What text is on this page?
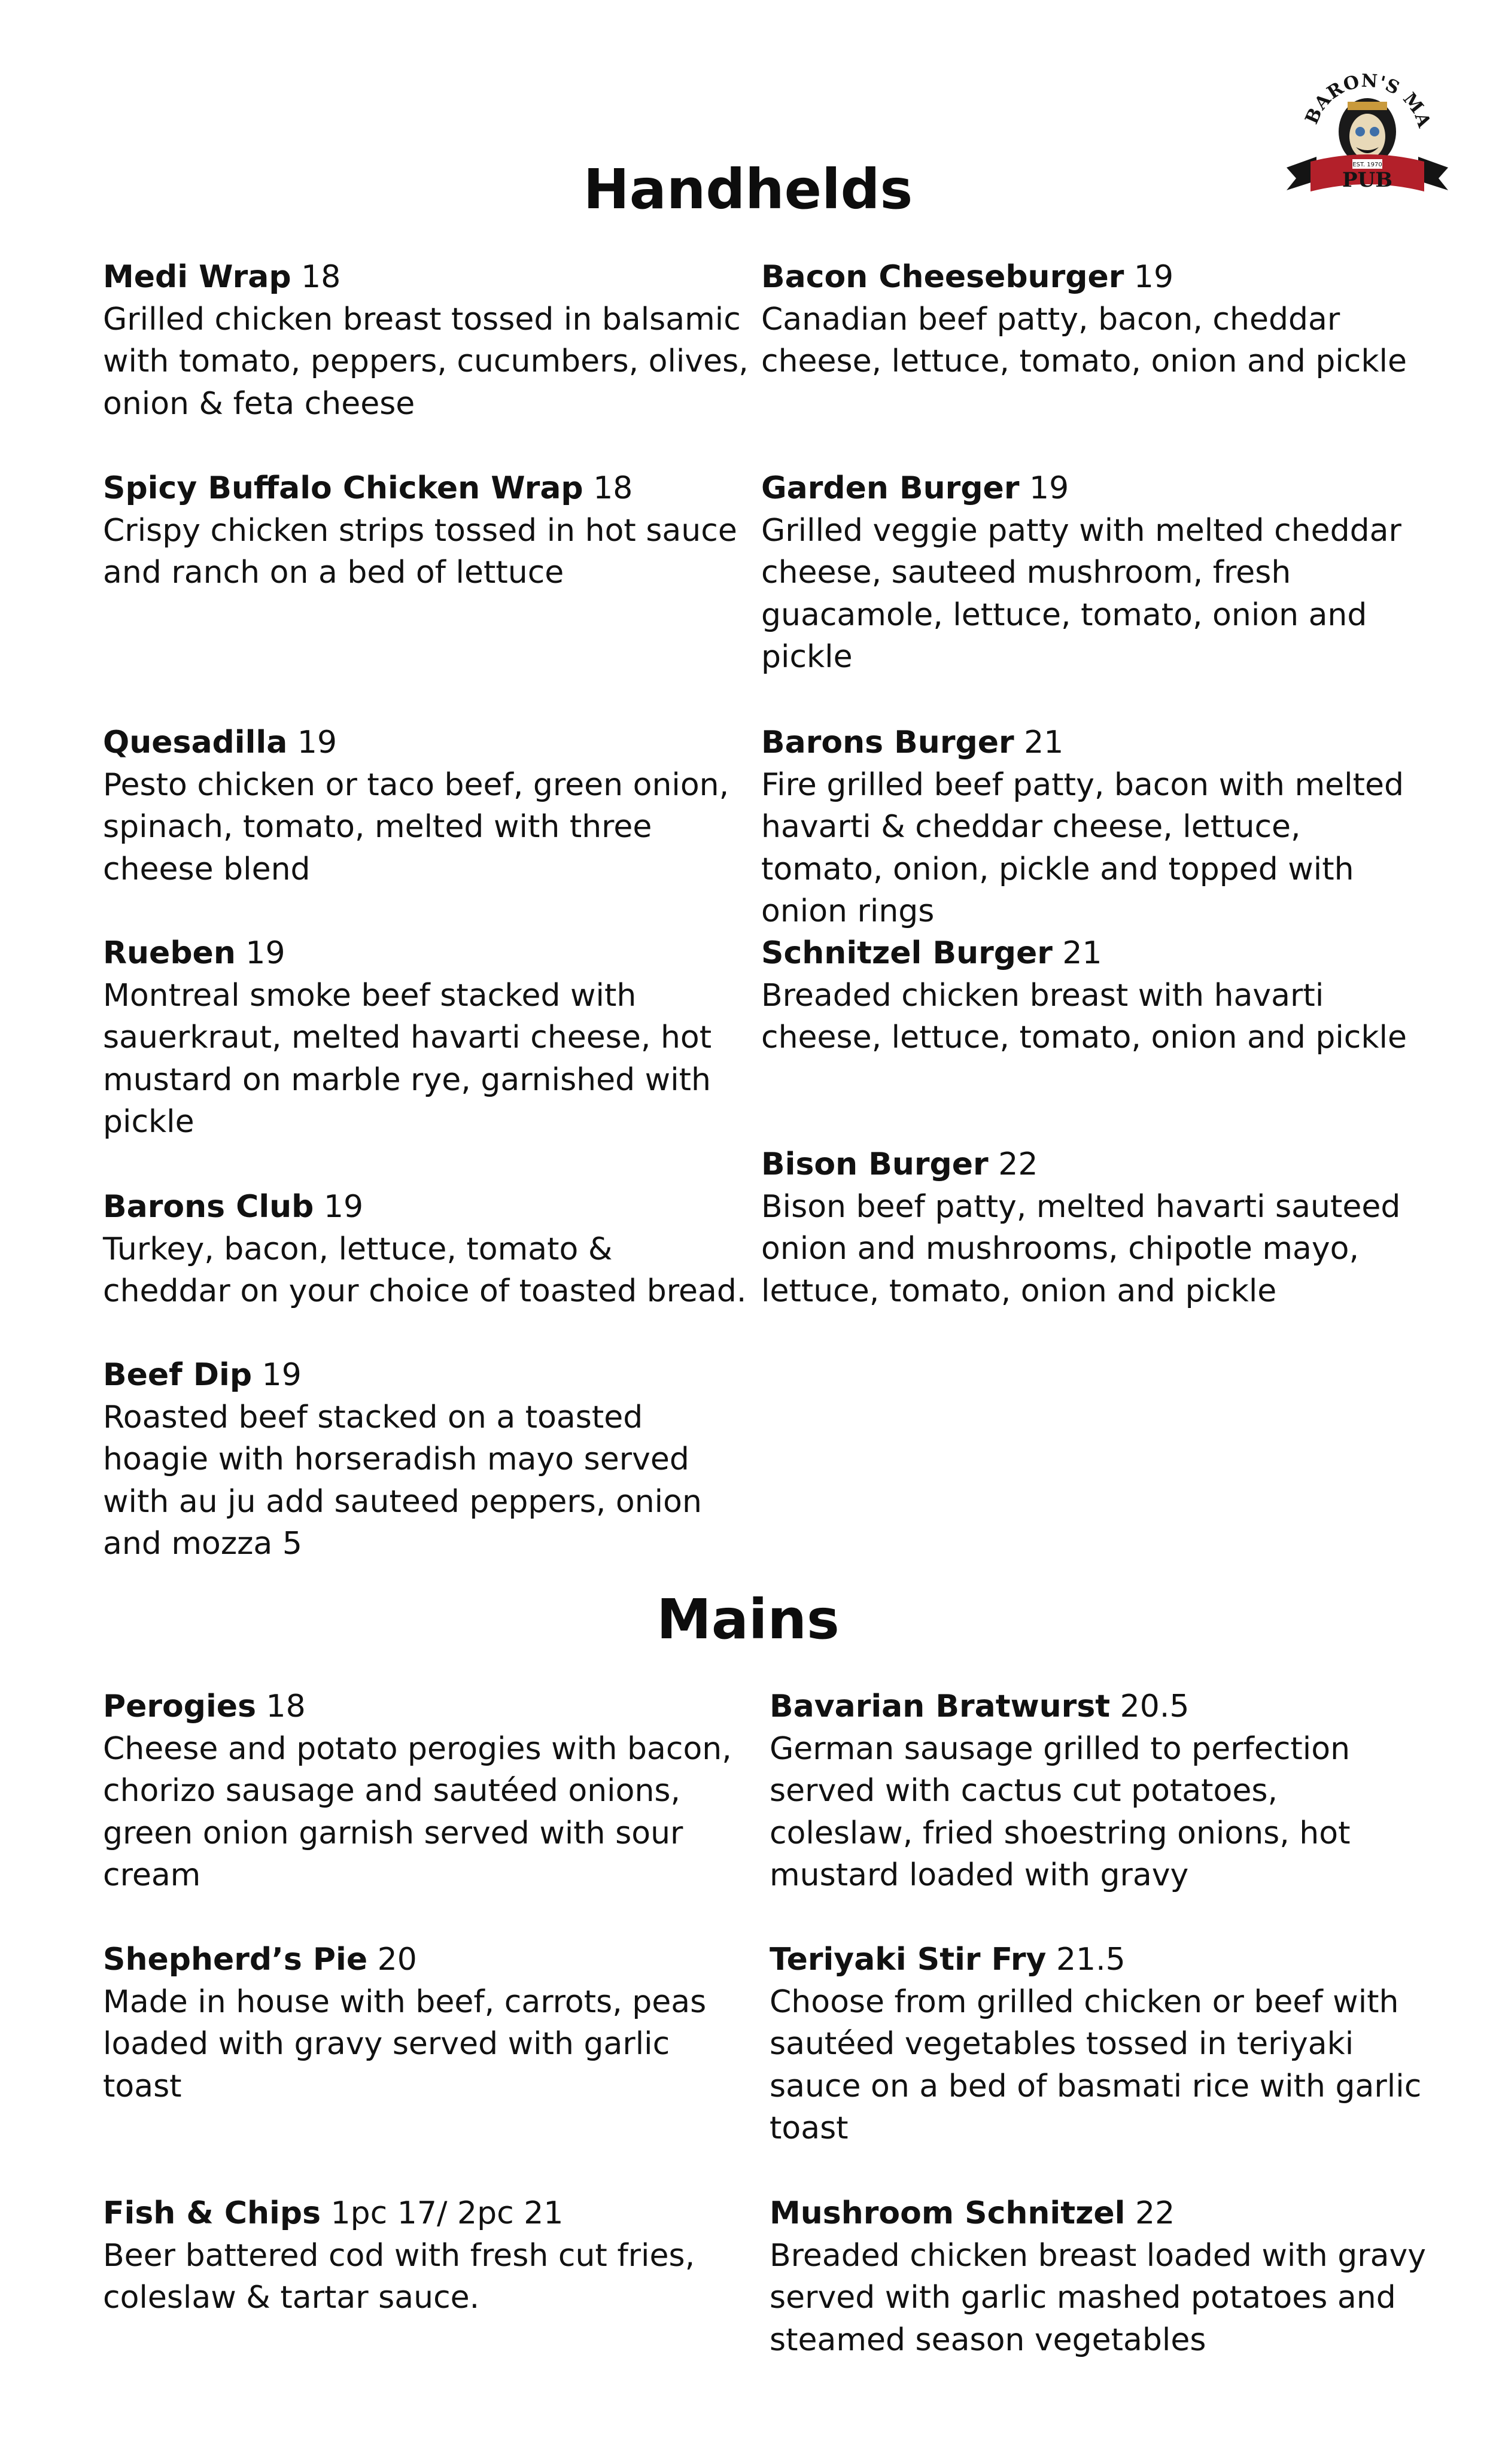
BARON'S MA
EST. 1970
PUB
Handhelds
Medi Wrap 18
Grilled chicken breast tossed in balsamic with tomato, peppers, cucumbers, olives, onion & feta cheese
Spicy Buffalo Chicken Wrap 18
Crispy chicken strips tossed in hot sauce and ranch on a bed of lettuce
Quesadilla 19
Pesto chicken or taco beef, green onion, spinach, tomato, melted with three cheese blend
Rueben 19
Montreal smoke beef stacked with sauerkraut, melted havarti cheese, hot mustard on marble rye, garnished with pickle
Barons Club 19
Turkey, bacon, lettuce, tomato & cheddar on your choice of toasted bread.
Beef Dip 19
Roasted beef stacked on a toasted hoagie with horseradish mayo served with au ju add sauteed peppers, onion and mozza 5
Bacon Cheeseburger 19
Canadian beef patty, bacon, cheddar cheese, lettuce, tomato, onion and pickle
Garden Burger 19
Grilled veggie patty with melted cheddar cheese, sauteed mushroom, fresh guacamole, lettuce, tomato, onion and pickle
Barons Burger 21
Fire grilled beef patty, bacon with melted havarti & cheddar cheese, lettuce, tomato, onion, pickle and topped with onion rings
Schnitzel Burger 21
Breaded chicken breast with havarti cheese, lettuce, tomato, onion and pickle
Bison Burger 22
Bison beef patty, melted havarti sauteed onion and mushrooms, chipotle mayo, lettuce, tomato, onion and pickle
Mains
Perogies 18
Cheese and potato perogies with bacon, chorizo sausage and sautéed onions, green onion garnish served with sour cream
Shepherd’s Pie 20
Made in house with beef, carrots, peas loaded with gravy served with garlic toast
Fish & Chips 1pc 17/ 2pc 21
Beer battered cod with fresh cut fries, coleslaw & tartar sauce.
Bavarian Bratwurst 20.5
German sausage grilled to perfection served with cactus cut potatoes, coleslaw, fried shoestring onions, hot mustard loaded with gravy
Teriyaki Stir Fry 21.5
Choose from grilled chicken or beef with sautéed vegetables tossed in teriyaki sauce on a bed of basmati rice with garlic toast
Mushroom Schnitzel 22
Breaded chicken breast loaded with gravy served with garlic mashed potatoes and steamed season vegetables
